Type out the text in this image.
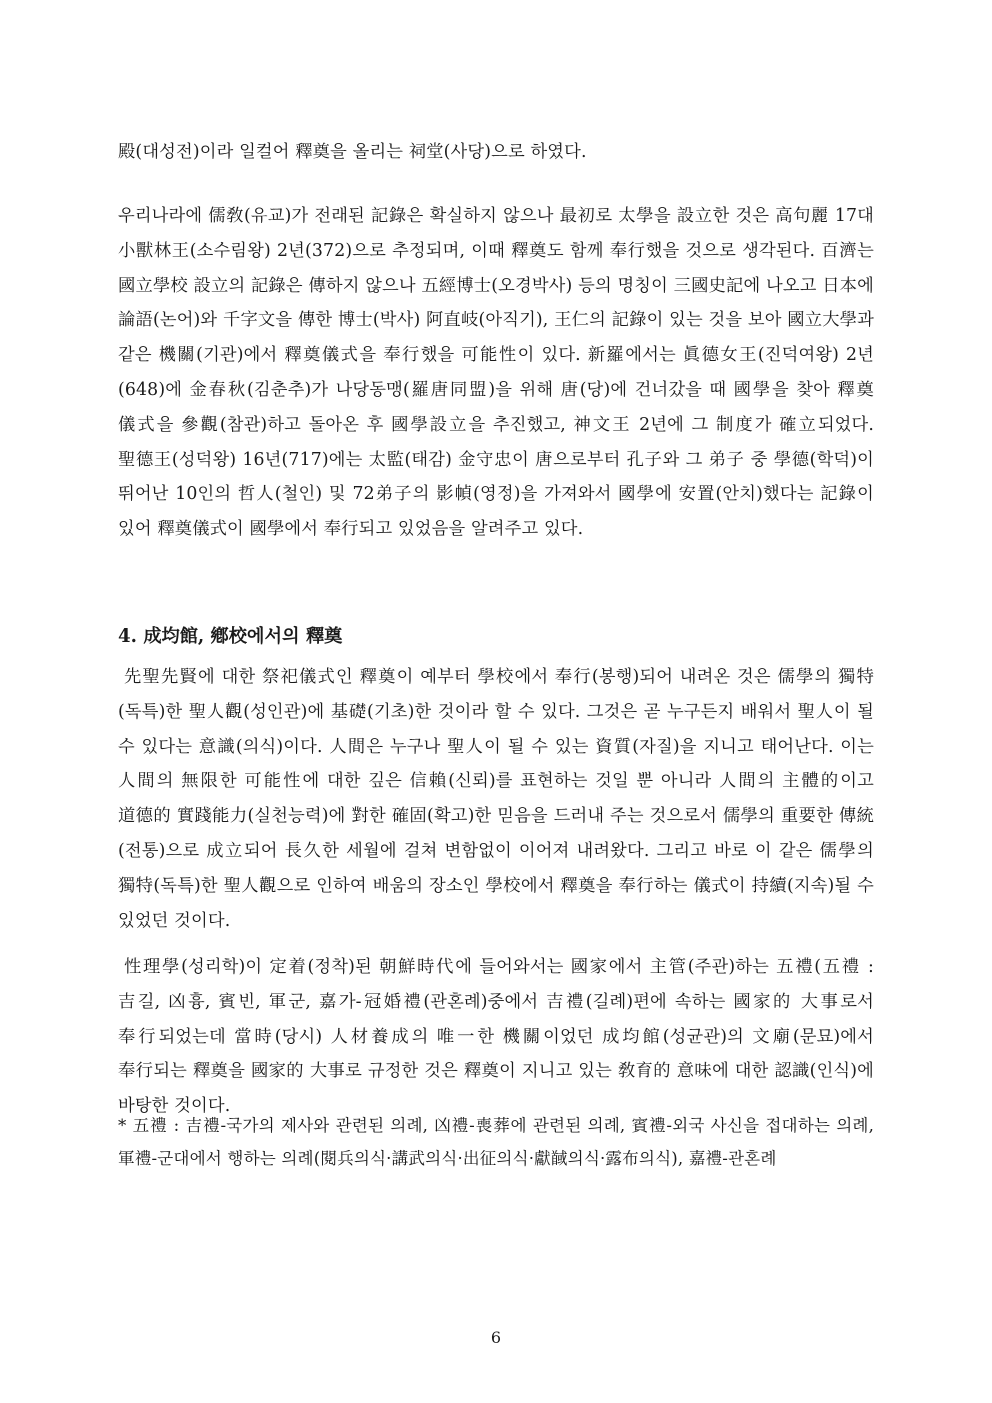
殿(대성전)이라 일컬어 釋奠을 올리는 祠堂(사당)으로 하였다.

우리나라에 儒敎(유교)가 전래된 記錄은 확실하지 않으나 最初로 太學을 設立한 것은 高句麗 17대 小獸林王(소수림왕) 2년(372)으로 추정되며, 이때 釋奠도 함께 奉行했을 것으로 생각된다. 百濟는 國立學校 設立의 記錄은 傳하지 않으나 五經博士(오경박사) 등의 명칭이 三國史記에 나오고 日本에 論語(논어)와 千字文을 傳한 博士(박사) 阿直岐(아직기), 王仁의 記錄이 있는 것을 보아 國立大學과 같은 機關(기관)에서 釋奠儀式을 奉行했을 可能性이 있다. 新羅에서는 眞德女王(진덕여왕) 2년(648)에 金春秋(김춘추)가 나당동맹(羅唐同盟)을 위해 唐(당)에 건너갔을 때 國學을 찾아 釋奠 儀式을 參觀(참관)하고 돌아온 후 國學設立을 추진했고, 神文王 2년에 그 制度가 確立되었다. 聖德王(성덕왕) 16년(717)에는 太監(태감) 金守忠이 唐으로부터 孔子와 그 弟子 중 學德(학덕)이 뛰어난 10인의 哲人(철인) 및 72弟子의 影幀(영정)을 가져와서 國學에 安置(안치)했다는 記錄이 있어 釋奠儀式이 國學에서 奉行되고 있었음을 알려주고 있다.

4. 成均館, 鄕校에서의 釋奠

先聖先賢에 대한 祭祀儀式인 釋奠이 예부터 學校에서 奉行(봉행)되어 내려온 것은 儒學의 獨特(독특)한 聖人觀(성인관)에 基礎(기초)한 것이라 할 수 있다. 그것은 곧 누구든지 배워서 聖人이 될 수 있다는 意識(의식)이다. 人間은 누구나 聖人이 될 수 있는 資質(자질)을 지니고 태어난다. 이는 人間의 無限한 可能性에 대한 깊은 信賴(신뢰)를 표현하는 것일 뿐 아니라 人間의 主體的이고 道德的 實踐能力(실천능력)에 對한 確固(확고)한 믿음을 드러내 주는 것으로서 儒學의 重要한 傳統(전통)으로 成立되어 長久한 세월에 걸쳐 변함없이 이어져 내려왔다. 그리고 바로 이 같은 儒學의 獨特(독특)한 聖人觀으로 인하여 배움의 장소인 學校에서 釋奠을 奉行하는 儀式이 持續(지속)될 수 있었던 것이다.

性理學(성리학)이 定着(정착)된 朝鮮時代에 들어와서는 國家에서 主管(주관)하는 五禮(五禮 : 吉길, 凶흉, 賓빈, 軍군, 嘉가-冠婚禮(관혼례)중에서 吉禮(길례)편에 속하는 國家的 大事로서 奉行되었는데 當時(당시) 人材養成의 唯一한 機關이었던 成均館(성균관)의 文廟(문묘)에서 奉行되는 釋奠을 國家的 大事로 규정한 것은 釋奠이 지니고 있는 敎育的 意味에 대한 認識(인식)에 바탕한 것이다.

* 五禮 : 吉禮-국가의 제사와 관련된 의례, 凶禮-喪葬에 관련된 의례, 賓禮-외국 사신을 접대하는 의례, 軍禮-군대에서 행하는 의례(閱兵의식·講武의식·出征의식·獻馘의식·露布의식), 嘉禮-관혼례

6
